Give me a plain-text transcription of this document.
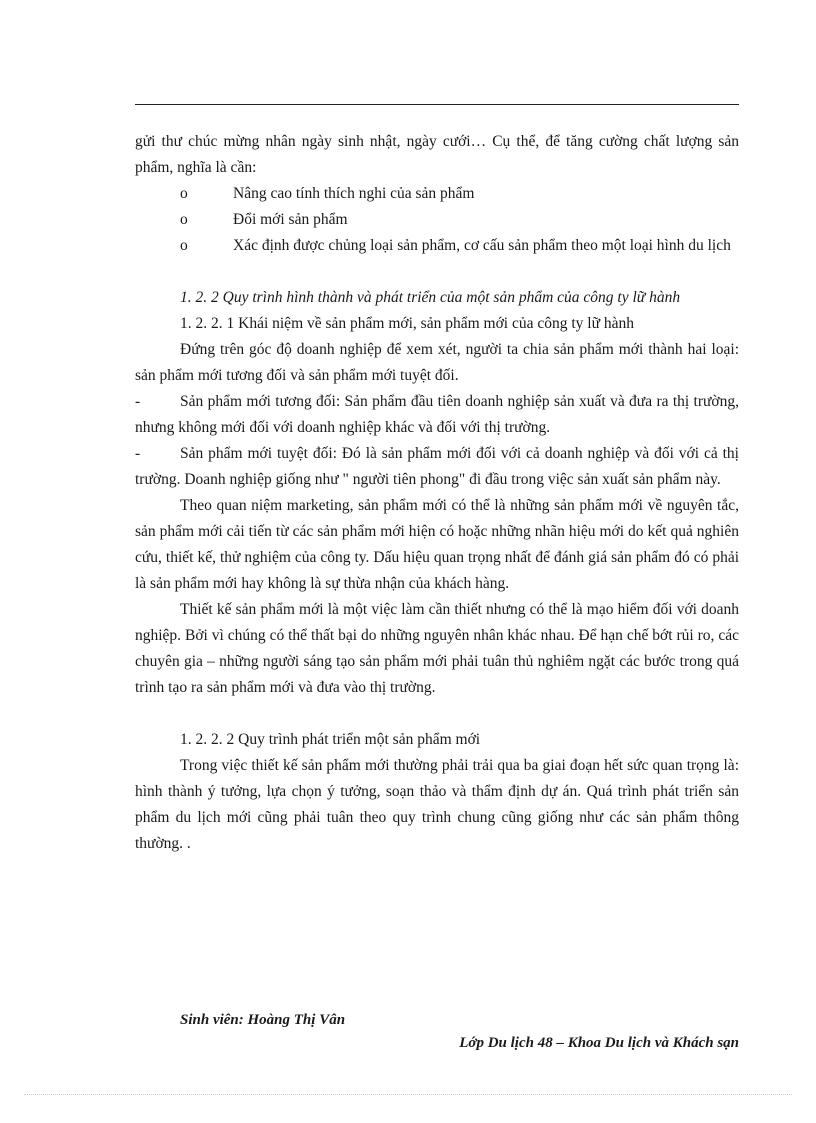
gửi thư chúc mừng nhân ngày sinh nhật, ngày cưới… Cụ thể, để tăng cường chất lượng sản phẩm, nghĩa là cần:

o	Nâng cao tính thích nghi của sản phẩm

o	Đổi mới sản phẩm

o	Xác định được chủng loại sản phẩm, cơ cấu sản phẩm theo một loại hình du lịch

1. 2. 2 Quy trình hình thành và phát triển của một sản phẩm của công ty lữ hành

1. 2. 2. 1 Khái niệm về sản phẩm mới, sản phẩm mới của công ty lữ hành

Đứng trên góc độ doanh nghiệp để xem xét, người ta chia sản phẩm mới thành hai loại: sản phẩm mới tương đối và sản phẩm mới tuyệt đối.

-	Sản phẩm mới tương đối: Sản phẩm đầu tiên doanh nghiệp sản xuất và đưa ra thị trường, nhưng không mới đối với doanh nghiệp khác và đối với thị trường.

-	Sản phẩm mới tuyệt đối: Đó là sản phẩm mới đối với cả doanh nghiệp và đối với cả thị trường. Doanh nghiệp giống như " người tiên phong" đi đầu trong việc sản xuất sản phẩm này.

Theo quan niệm marketing, sản phẩm mới có thể là những sản phẩm mới về nguyên tắc, sản phẩm mới cải tiến từ các sản phẩm mới hiện có hoặc những nhãn hiệu mới do kết quả nghiên cứu, thiết kế, thử nghiệm của công ty. Dấu hiệu quan trọng nhất để đánh giá sản phẩm đó có phải là sản phẩm mới hay không là sự thừa nhận của khách hàng.

Thiết kế sản phẩm mới là một việc làm cần thiết nhưng có thể là mạo hiểm đối với doanh nghiệp. Bởi vì chúng có thể thất bại do những nguyên nhân khác nhau. Để hạn chế bớt rủi ro, các chuyên gia – những người sáng tạo sản phẩm mới phải tuân thủ nghiêm ngặt các bước trong quá trình tạo ra sản phẩm mới và đưa vào thị trường.

1. 2. 2. 2 Quy trình phát triển một sản phẩm mới

Trong việc thiết kế sản phẩm mới thường phải trải qua ba giai đoạn hết sức quan trọng là: hình thành ý tưởng, lựa chọn ý tưởng, soạn thảo và thẩm định dự án. Quá trình phát triển sản phẩm du lịch mới cũng phải tuân theo quy trình chung cũng giống như các sản phẩm thông thường. .

Sinh viên: Hoàng Thị Vân
Lớp Du lịch 48 – Khoa Du lịch và Khách sạn
